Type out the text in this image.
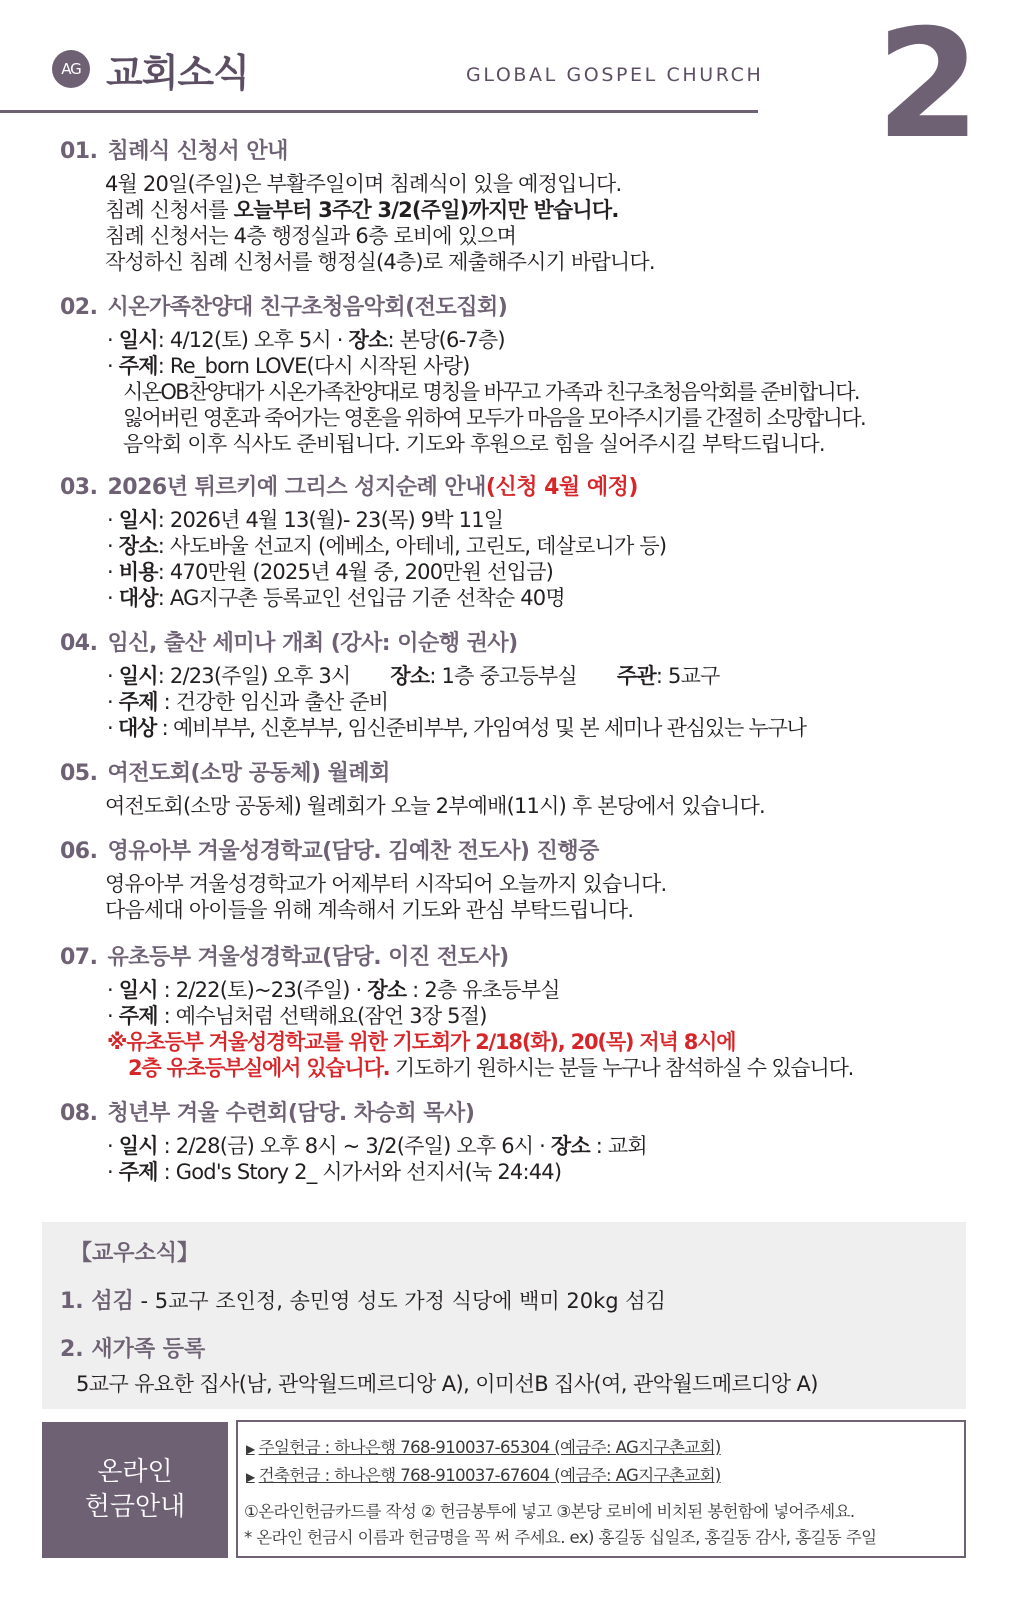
AG 교회소식	GLOBAL GOSPEL CHURCH 2
01. 침례식 신청서 안내
4월 20일(주일)은 부활주일이며 침례식이 있을 예정입니다.
침례 신청서를 오늘부터 3주간 3/2(주일)까지만 받습니다.
침례 신청서는 4층 행정실과 6층 로비에 있으며
작성하신 침례 신청서를 행정실(4층)로 제출해주시기 바랍니다.
02. 시온가족찬양대 친구초청음악회(전도집회)
· 일시: 4/12(토) 오후 5시 · 장소: 본당(6-7층)
· 주제: Re_born LOVE(다시 시작된 사랑)
시온OB찬양대가 시온가족찬양대로 명칭을 바꾸고 가족과 친구초청음악회를 준비합니다.
잃어버린 영혼과 죽어가는 영혼을 위하여 모두가 마음을 모아주시기를 간절히 소망합니다.
음악회 이후 식사도 준비됩니다. 기도와 후원으로 힘을 실어주시길 부탁드립니다.
03. 2026년 튀르키예 그리스 성지순례 안내(신청 4월 예정)
· 일시: 2026년 4월 13(월)- 23(목) 9박 11일
· 장소: 사도바울 선교지 (에베소, 아테네, 고린도, 데살로니가 등)
· 비용: 470만원 (2025년 4월 중, 200만원 선입금)
· 대상: AG지구촌 등록교인 선입금 기준 선착순 40명
04. 임신, 출산 세미나 개최 (강사: 이순행 권사)
· 일시: 2/23(주일) 오후 3시 장소: 1층 중고등부실 주관: 5교구
· 주제 : 건강한 임신과 출산 준비
· 대상 : 예비부부, 신혼부부, 임신준비부부, 가임여성 및 본 세미나 관심있는 누구나
05. 여전도회(소망 공동체) 월례회
여전도회(소망 공동체) 월례회가 오늘 2부예배(11시) 후 본당에서 있습니다.
06. 영유아부 겨울성경학교(담당. 김예찬 전도사) 진행중
영유아부 겨울성경학교가 어제부터 시작되어 오늘까지 있습니다.
다음세대 아이들을 위해 계속해서 기도와 관심 부탁드립니다.
07. 유초등부 겨울성경학교(담당. 이진 전도사)
· 일시 : 2/22(토)~23(주일) · 장소 : 2층 유초등부실
· 주제 : 예수님처럼 선택해요(잠언 3장 5절)
※유초등부 겨울성경학교를 위한 기도회가 2/18(화), 20(목) 저녁 8시에
2층 유초등부실에서 있습니다. 기도하기 원하시는 분들 누구나 참석하실 수 있습니다.
08. 청년부 겨울 수련회(담당. 차승희 목사)
· 일시 : 2/28(금) 오후 8시 ~ 3/2(주일) 오후 6시 · 장소 : 교회
· 주제 : God's Story 2_ 시가서와 선지서(눅 24:44)
【교우소식】
1. 섬김 - 5교구 조인정, 송민영 성도 가정 식당에 백미 20kg 섬김
2. 새가족 등록
5교구 유요한 집사(남, 관악월드메르디앙 A), 이미선B 집사(여, 관악월드메르디앙 A)
온라인
헌금안내
▶ 주일헌금 : 하나은행 768-910037-65304 (예금주: AG지구촌교회)
▶ 건축헌금 : 하나은행 768-910037-67604 (예금주: AG지구촌교회)
①온라인헌금카드를 작성 ② 헌금봉투에 넣고 ③본당 로비에 비치된 봉헌함에 넣어주세요.
* 온라인 헌금시 이름과 헌금명을 꼭 써 주세요. ex) 홍길동 십일조, 홍길동 감사, 홍길동 주일
